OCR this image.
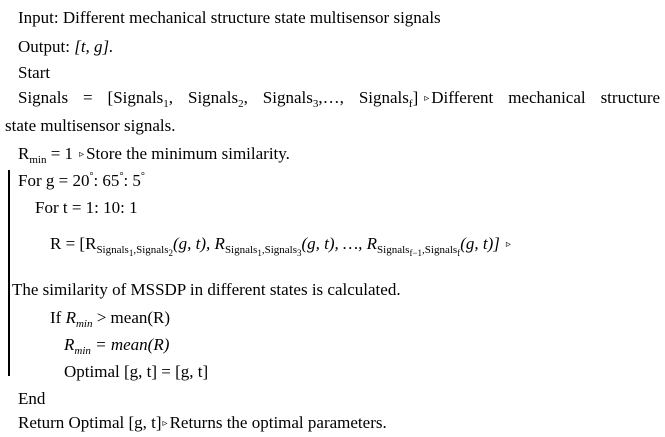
Input: Different mechanical structure state multisensor signals
Output: [t, g].
Start
Signals = [Signals$_1$, Signals$_2$, Signals$_3$,…, Signals$_f$] ▹ Different mechanical structure
state multisensor signals.
$R_{min} = 1$ ▹ Store the minimum similarity.
For g = 20°: 65°: 5°
For t = 1: 10: 1
$R = [R_{Signals_1,Signals_2}(g$, t), $R_{Signals_1,Signals_3}(g$, t), …, $R_{Signals_{f-1},Signals_f}(g$, t)] ▹
The similarity of MSSDP in different states is calculated.
If $R_{min}$ > mean(R)
$R_{min}$ = mean(R)
Optimal [g, t] = [g, t]
End
Return Optimal [g, t]▹ Returns the optimal parameters.
